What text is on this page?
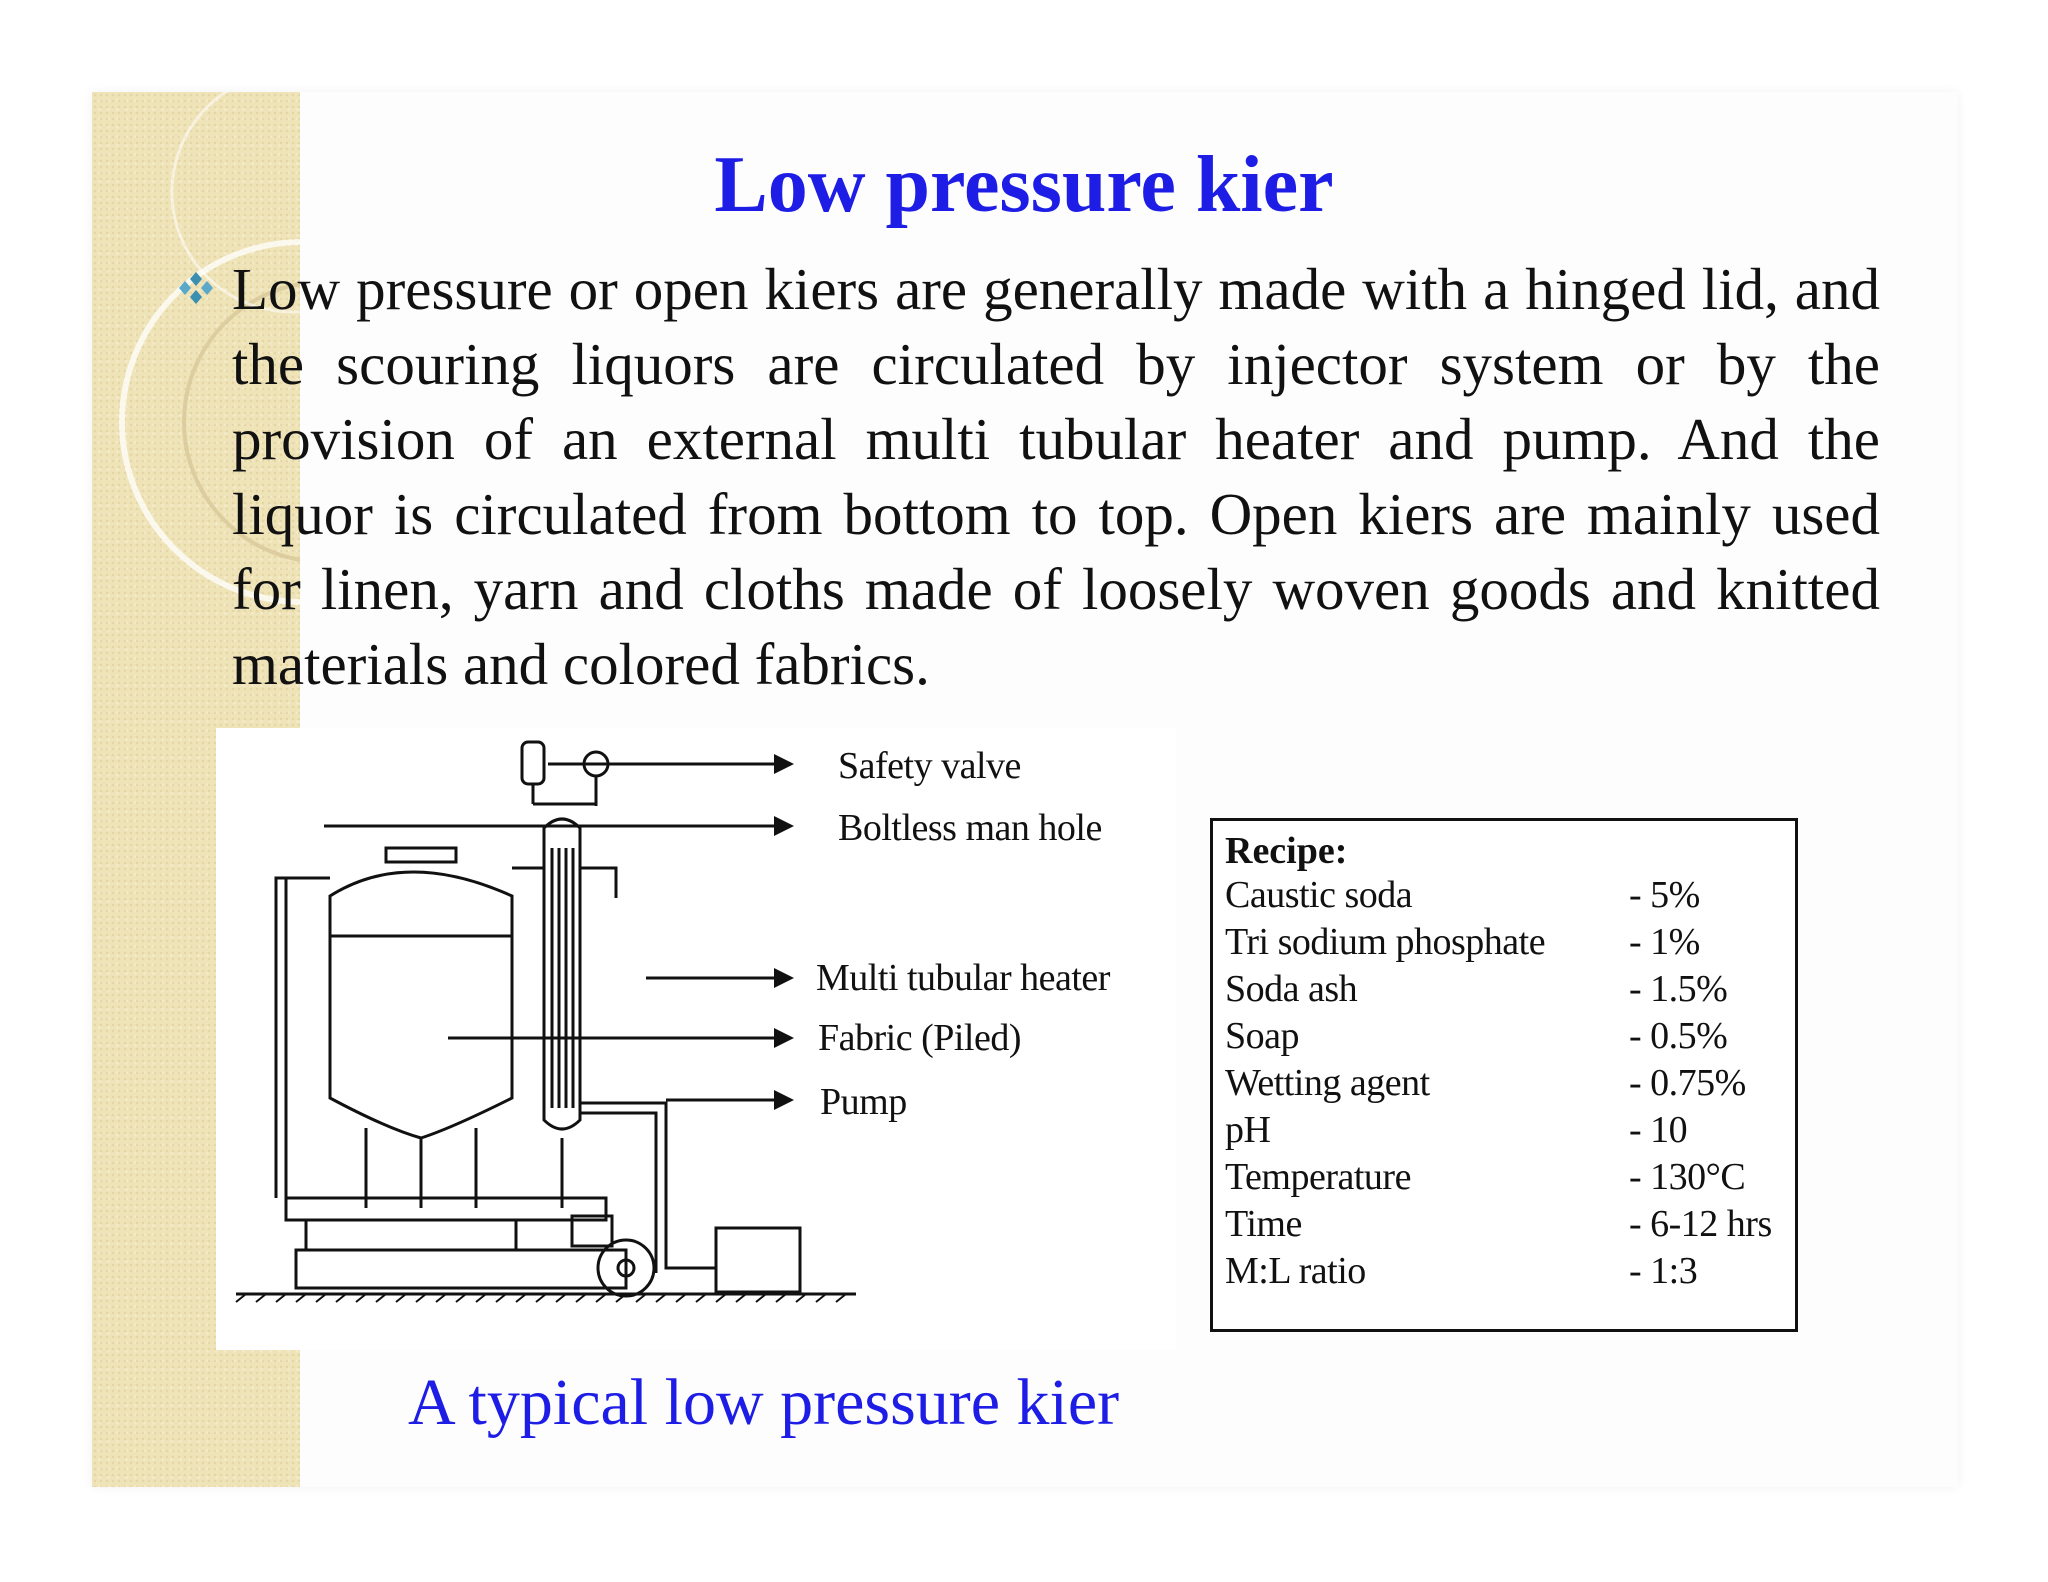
Low pressure kier

Low pressure or open kiers are generally made with a hinged lid, and the scouring liquors are circulated by injector system or by the provision of an external multi tubular heater and pump. And the liquor is circulated from bottom to top. Open kiers are mainly used for linen, yarn and cloths made of loosely woven goods and knitted materials and colored fabrics.

Safety valve
Boltless man hole
Multi tubular heater
Fabric (Piled)
Pump
Recipe:
Caustic soda	- 5%
Tri sodium phosphate - 1%
Soda ash	- 1.5%
Soap	- 0.5%
Wetting agent	- 0.75%
pH	- 10
Temperature	- 130°C
Time	- 6-12 hrs
M:L ratio	- 1:3
A typical low pressure kier
